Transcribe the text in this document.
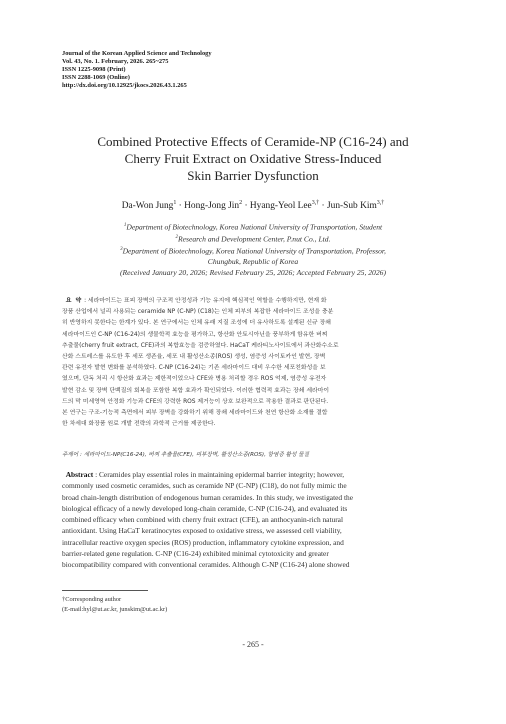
Journal of the Korean Applied Science and Technology
Vol. 43, No. 1. February, 2026. 265~275
ISSN 1225-9098 (Print)
ISSN 2288-1069 (Online)
http://dx.doi.org/10.12925/jkocs.2026.43.1.265
Combined Protective Effects of Ceramide-NP (C16-24) and
Cherry Fruit Extract on Oxidative Stress-Induced
Skin Barrier Dysfunction
Da-Won Jung$^1$ · Hong-Jong Jin$^2$ · Hyang-Yeol Lee$^{3,\dagger}$ · Jun-Sub Kim$^{3,\dagger}$
$^1$Department of Biotechnology, Korea National University of Transportation, Student
$^2$Research and Development Center, P.nut Co., Ltd.
$^3$Department of Biotechnology, Korea National University of Transportation, Professor,
Chungbuk, Republic of Korea
(Received January 20, 2026; Revised February 25, 2026; Accepted February 25, 2026)
요 약 : 세라마이드는 표피 장벽의 구조적 안정성과 기능 유지에 핵심적인 역할을 수행하지만, 현재 화
장품 산업에서 널리 사용되는 ceramide NP (C-NP) (C18)는 인체 피부의 복잡한 세라마이드 조성을 충분
히 반영하지 못한다는 한계가 있다. 본 연구에서는 인체 유래 지질 조성에 더 유사하도록 설계된 신규 장쇄
세라마이드인 C-NP (C16-24)의 생물학적 효능을 평가하고, 항산화 안토시아닌을 풍부하게 함유한 버찌
추출물(cherry fruit extract, CFE)과의 복합효능을 검증하였다. HaCaT 케라티노사이트에서 과산화수소로
산화 스트레스를 유도한 후 세포 생존율, 세포 내 활성산소종(ROS) 생성, 염증성 사이토카인 발현, 장벽
관련 유전자 발현 변화를 분석하였다. C-NP (C16-24)는 기존 세라마이드 대비 우수한 세포친화성을 보
였으며, 단독 처리 시 항산화 효과는 제한적이었으나 CFE와 병용 처리할 경우 ROS 억제, 염증성 유전자
발현 감소 및 장벽 단백질의 회복을 포함한 복합 효과가 확인되었다. 이러한 협력적 효과는 장쇄 세라마이
드의 막 미세영역 안정화 기능과 CFE의 강력한 ROS 제거능이 상호 보완적으로 작용한 결과로 판단된다.
본 연구는 구조-기능적 측면에서 피부 장벽을 강화하기 위해 장쇄 세라마이드와 천연 항산화 소재를 결합
한 차세대 화장품 원료 개발 전략의 과학적 근거를 제공한다.
주제어 : 세라마이드-NP(C16-24), 버찌 추출물(CFE), 피부장벽, 활성산소종(ROS), 항염증 활성 물질
Abstract : Ceramides play essential roles in maintaining epidermal barrier integrity; however,
commonly used cosmetic ceramides, such as ceramide NP (C-NP) (C18), do not fully mimic the
broad chain-length distribution of endogenous human ceramides. In this study, we investigated the
biological efficacy of a newly developed long-chain ceramide, C-NP (C16-24), and evaluated its
combined efficacy when combined with cherry fruit extract (CFE), an anthocyanin-rich natural
antioxidant. Using HaCaT keratinocytes exposed to oxidative stress, we assessed cell viability,
intracellular reactive oxygen species (ROS) production, inflammatory cytokine expression, and
barrier-related gene regulation. C-NP (C16-24) exhibited minimal cytotoxicity and greater
biocompatibility compared with conventional ceramides. Although C-NP (C16-24) alone showed
†Corresponding author
(E-mail:hyl@ut.ac.kr, junskim@ut.ac.kr)
- 265 -
